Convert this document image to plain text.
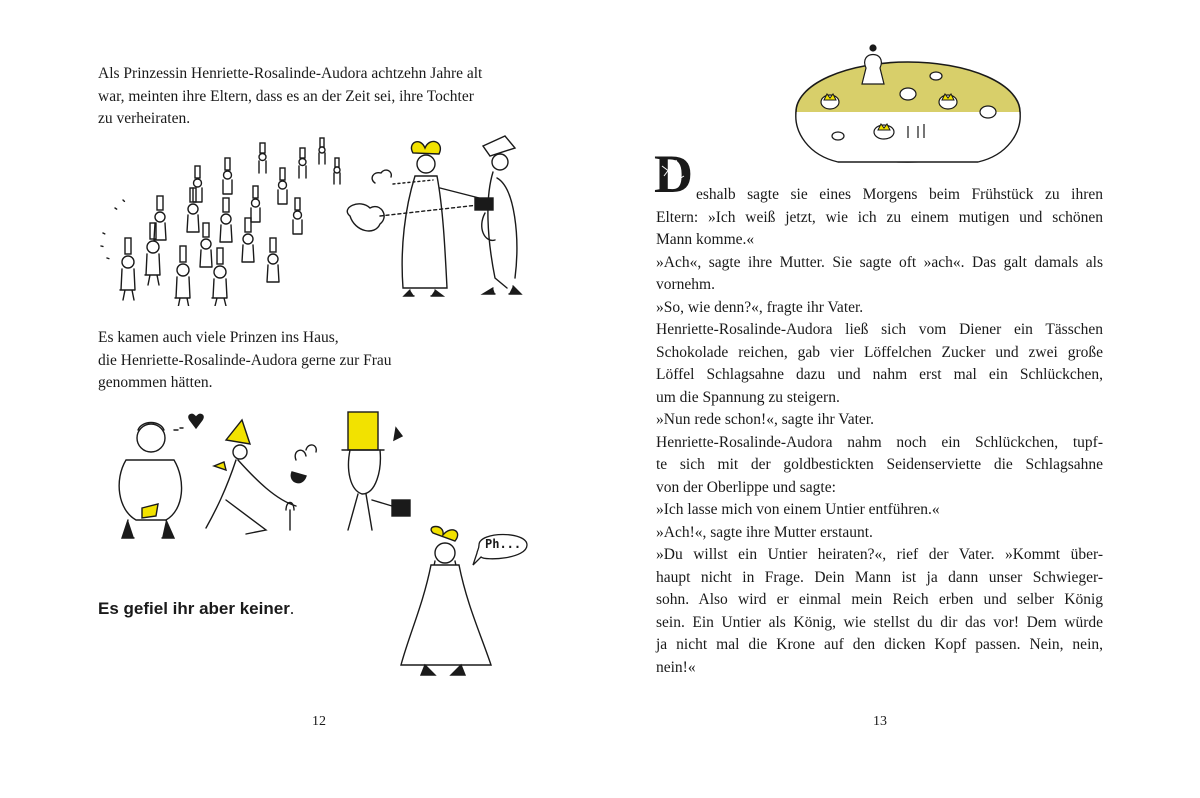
Als Prinzessin Henriette-Rosalinde-Audora achtzehn Jahre alt
war, meinten ihre Eltern, dass es an der Zeit sei, ihre Tochter
zu verheiraten.
Es kamen auch viele Prinzen ins Haus,
die Henriette-Rosalinde-Audora gerne zur Frau
genommen hätten.
Es gefiel ihr aber keiner.
Ph...
12
D eshalb sagte sie eines Morgens beim Frühstück zu ihren
Eltern: »Ich weiß jetzt, wie ich zu einem mutigen und schönen
Mann komme.«
»Ach«, sagte ihre Mutter. Sie sagte oft »ach«. Das galt damals als
vornehm.
»So, wie denn?«, fragte ihr Vater.
Henriette-Rosalinde-Audora ließ sich vom Diener ein Tässchen
Schokolade reichen, gab vier Löffelchen Zucker und zwei große
Löffel Schlagsahne dazu und nahm erst mal ein Schlückchen,
um die Spannung zu steigern.
»Nun rede schon!«, sagte ihr Vater.
Henriette-Rosalinde-Audora nahm noch ein Schlückchen, tupf-
te sich mit der goldbestickten Seidenserviette die Schlagsahne
von der Oberlippe und sagte:
»Ich lasse mich von einem Untier entführen.«
»Ach!«, sagte ihre Mutter erstaunt.
»Du willst ein Untier heiraten?«, rief der Vater. »Kommt über-
haupt nicht in Frage. Dein Mann ist ja dann unser Schwieger-
sohn. Also wird er einmal mein Reich erben und selber König
sein. Ein Untier als König, wie stellst du dir das vor! Dem würde
ja nicht mal die Krone auf den dicken Kopf passen. Nein, nein,
nein!«
13
